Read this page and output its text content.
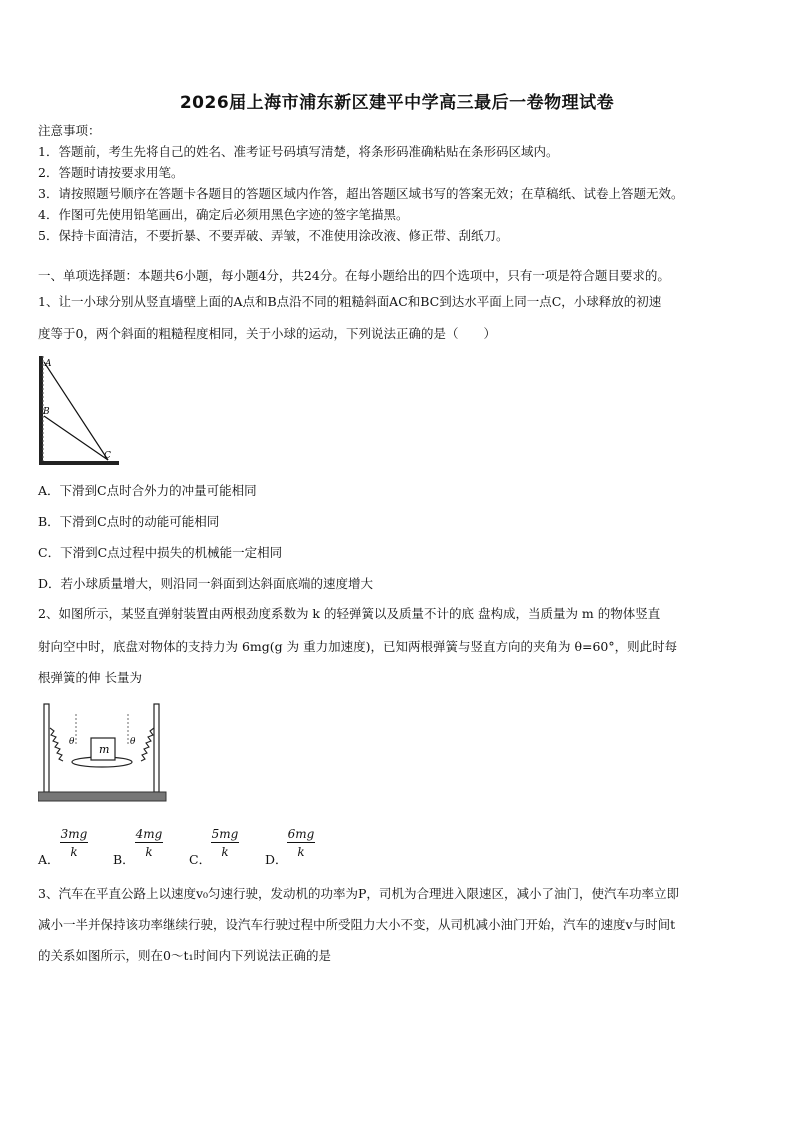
2026届上海市浦东新区建平中学高三最后一卷物理试卷
注意事项：
1．答题前，考生先将自己的姓名、准考证号码填写清楚，将条形码准确粘贴在条形码区域内。
2．答题时请按要求用笔。
3．请按照题号顺序在答题卡各题目的答题区域内作答，超出答题区域书写的答案无效；在草稿纸、试卷上答题无效。
4．作图可先使用铅笔画出，确定后必须用黑色字迹的签字笔描黑。
5．保持卡面清洁，不要折暴、不要弄破、弄皱，不准使用涂改液、修正带、刮纸刀。
一、单项选择题：本题共6小题，每小题4分，共24分。在每小题给出的四个选项中，只有一项是符合题目要求的。
1、让一小球分别从竖直墙壁上面的A点和B点沿不同的粗糙斜面AC和BC到达水平面上同一点C，小球释放的初速
度等于0，两个斜面的粗糙程度相同，关于小球的运动，下列说法正确的是（　　）
A
B
C
A．下滑到C点时合外力的冲量可能相同
B．下滑到C点时的动能可能相同
C．下滑到C点过程中损失的机械能一定相同
D．若小球质量增大，则沿同一斜面到达斜面底端的速度增大
2、如图所示，某竖直弹射装置由两根劲度系数为 k 的轻弹簧以及质量不计的底 盘构成，当质量为 m 的物体竖直
射向空中时，底盘对物体的支持力为 6mg(g 为 重力加速度)，已知两根弹簧与竖直方向的夹角为 θ=60°，则此时每
根弹簧的伸 长量为
θ	θ
m
A．
$\frac{3mg}{k}$
B．
$\frac{4mg}{k}$
C．
$\frac{5mg}{k}$
D．
$\frac{6mg}{k}$
3、汽车在平直公路上以速度v₀匀速行驶，发动机的功率为P，司机为合理进入限速区，减小了油门，使汽车功率立即
减小一半并保持该功率继续行驶，设汽车行驶过程中所受阻力大小不变，从司机减小油门开始，汽车的速度v与时间t
的关系如图所示，则在0～t₁时间内下列说法正确的是
